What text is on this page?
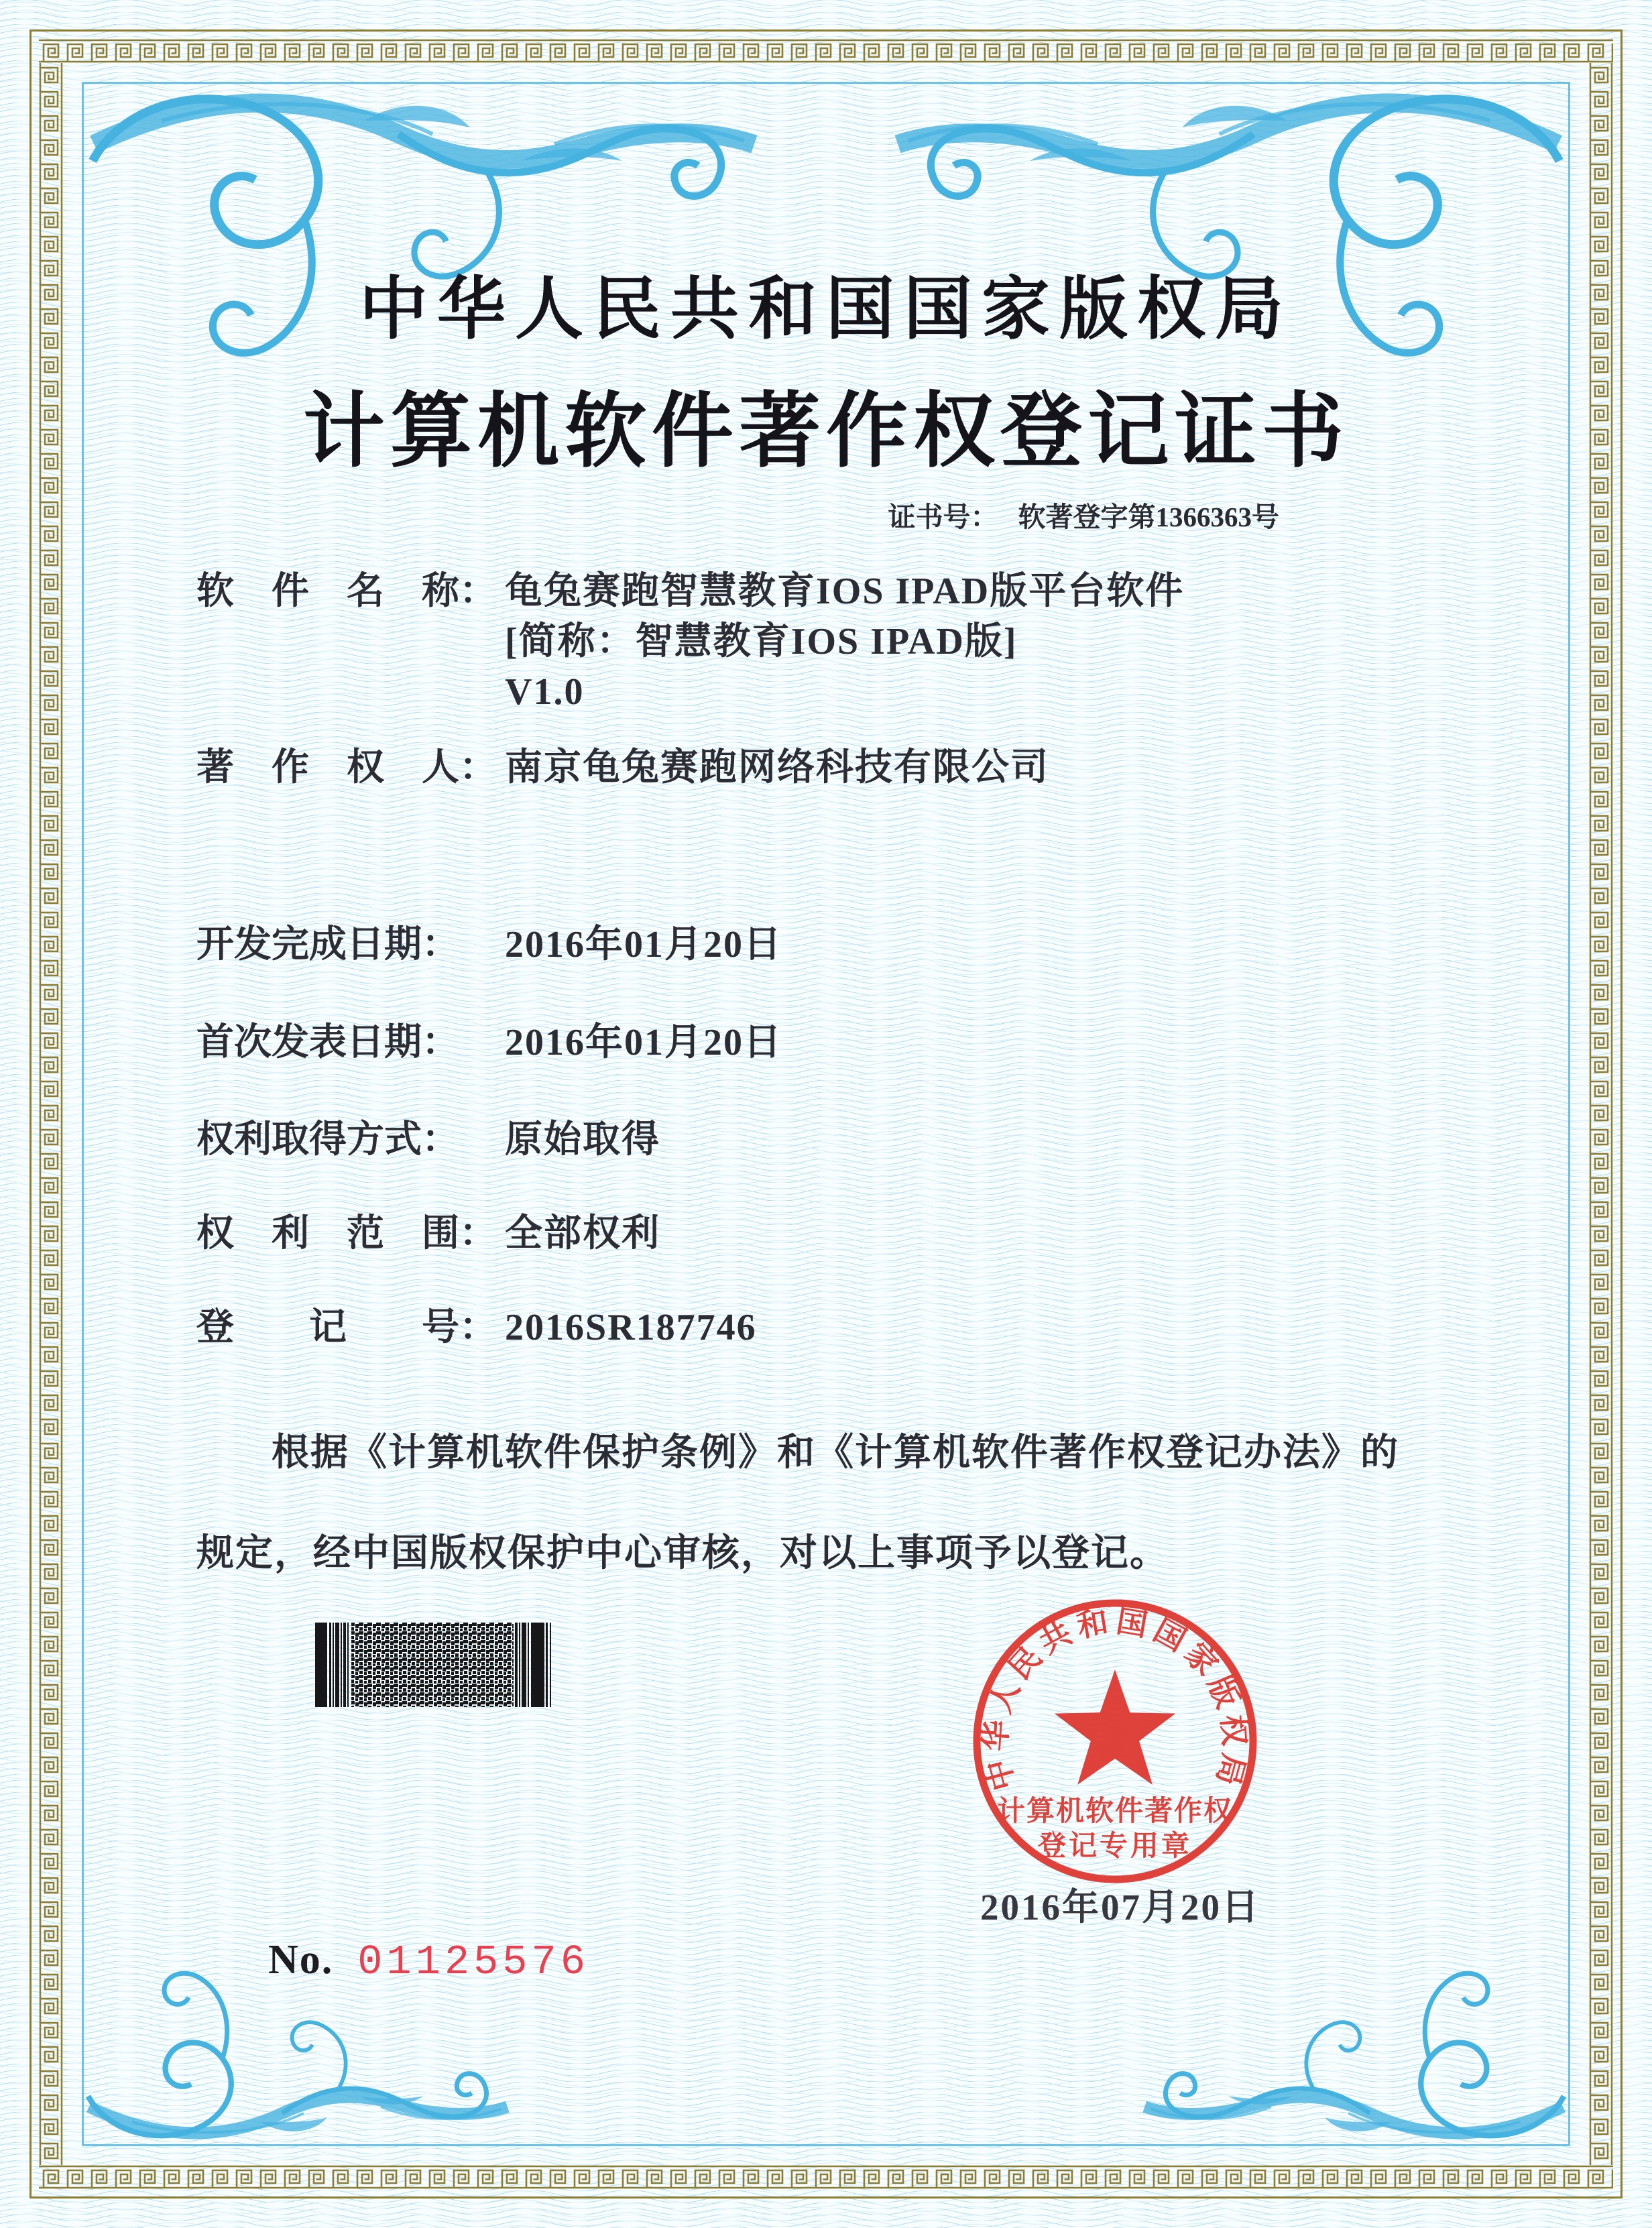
中华人民共和国国家版权局
计算机软件著作权登记证书
证书号： 软著登字第1366363号
软　件　名　称： 龟兔赛跑智慧教育IOS IPAD版平台软件
[简称：智慧教育IOS IPAD版]
V1.0
著　作　权　人： 南京龟兔赛跑网络科技有限公司
开发完成日期：	2016年01月20日
首次发表日期：	2016年01月20日
权利取得方式：	原始取得
权　利　范　围： 全部权利
登　　记　　号： 2016SR187746
根据《计算机软件保护条例》和《计算机软件著作权登记办法》的
规定，经中国版权保护中心审核，对以上事项予以登记。
中华人民共和国国家版权局
计算机软件著作权
登记专用章
2016年07月20日
No. 01125576
